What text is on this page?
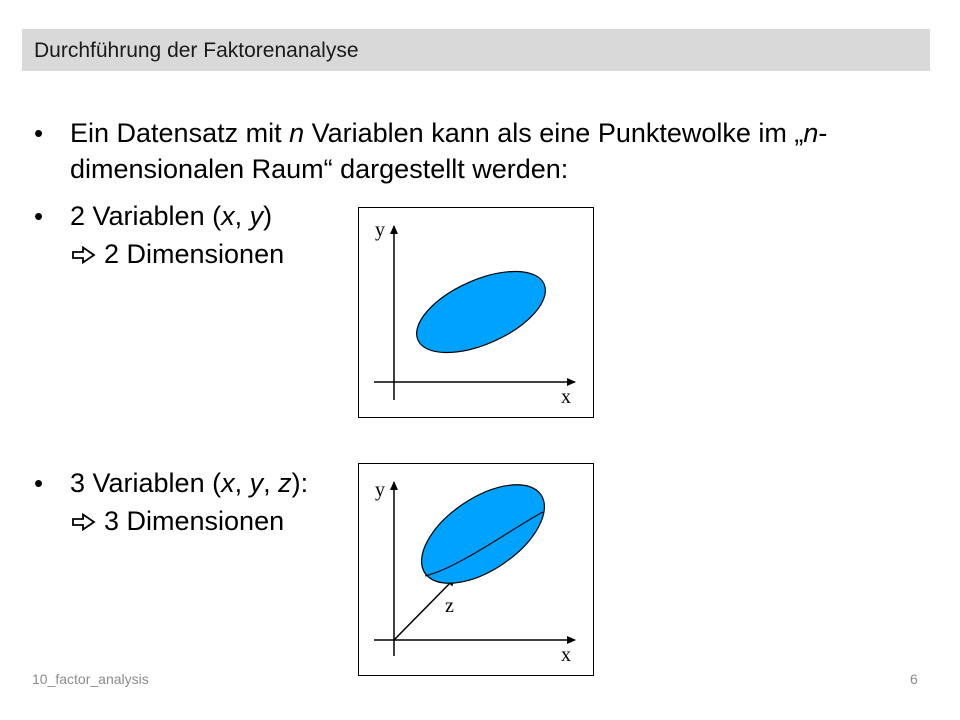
Durchführung der Faktorenanalyse
• Ein Datensatz mit n Variablen kann als eine Punktewolke im „n-
dimensionalen Raum“ dargestellt werden:
• 2 Variablen (x, y)
2 Dimensionen
• 3 Variablen (x, y, z):
3 Dimensionen
y
x
y
z
x
10_factor_analysis	6
